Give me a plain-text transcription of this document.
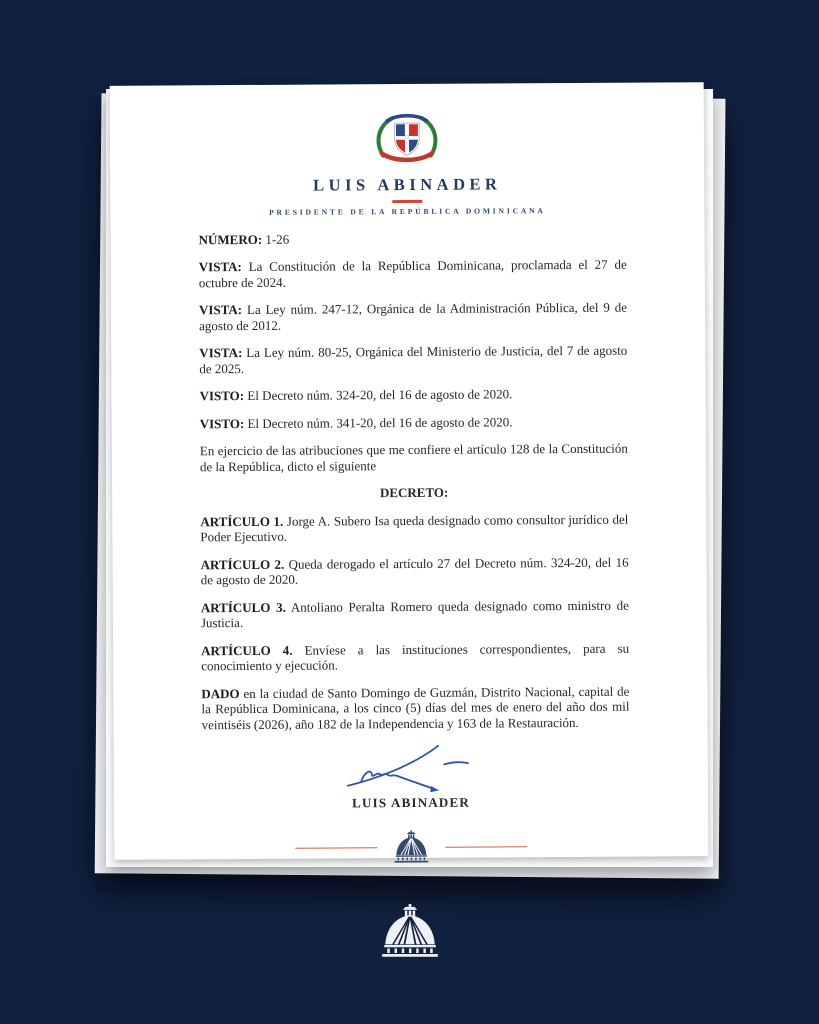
LUIS ABINADER
PRESIDENTE DE LA REPÚBLICA DOMINICANA

NÚMERO: 1-26

VISTA: La Constitución de la República Dominicana, proclamada el 27 de octubre de 2024.

VISTA: La Ley núm. 247-12, Orgánica de la Administración Pública, del 9 de agosto de 2012.

VISTA: La Ley núm. 80-25, Orgánica del Ministerio de Justicia, del 7 de agosto de 2025.

VISTO: El Decreto núm. 324-20, del 16 de agosto de 2020.

VISTO: El Decreto núm. 341-20, del 16 de agosto de 2020.

En ejercicio de las atribuciones que me confiere el artículo 128 de la Constitución de la República, dicto el siguiente

DECRETO:

ARTÍCULO 1. Jorge A. Subero Isa queda designado como consultor jurídico del Poder Ejecutivo.

ARTÍCULO 2. Queda derogado el artículo 27 del Decreto núm. 324-20, del 16 de agosto de 2020.

ARTÍCULO 3. Antoliano Peralta Romero queda designado como ministro de Justicia.

ARTÍCULO 4. Envíese a las instituciones correspondientes, para su conocimiento y ejecución.

DADO en la ciudad de Santo Domingo de Guzmán, Distrito Nacional, capital de la República Dominicana, a los cinco (5) días del mes de enero del año dos mil veintiséis (2026), año 182 de la Independencia y 163 de la Restauración.

LUIS ABINADER
